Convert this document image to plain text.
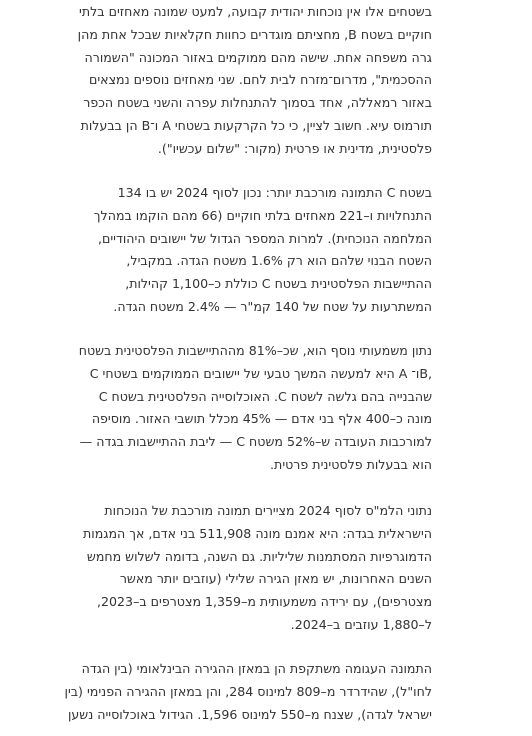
בשטחים אלו אין נוכחות יהודית קבועה, למעט שמונה מאחזים בלתי
חוקיים בשטח B, מחציתם מוגדרים כחוות חקלאיות שבכל אחת מהן
גרה משפחה אחת. שישה מהם ממוקמים באזור המכונה "השמורה
ההסכמית", מדרום־מזרח לבית לחם. שני מאחזים נוספים נמצאים
באזור רמאללה, אחד בסמוך להתנחלות עפרה והשני בשטח הכפר
תורמוס עיא. חשוב לציין, כי כל הקרקעות בשטחי A ו־B הן בבעלות
פלסטינית, מדינית או פרטית (מקור: "שלום עכשיו").
בשטח C התמונה מורכבת יותר: נכון לסוף 2024 יש בו 134
התנחלויות ו–221 מאחזים בלתי חוקיים (66 מהם הוקמו במהלך
המלחמה הנוכחית). למרות המספר הגדול של יישובים היהודיים,
השטח הבנוי שלהם הוא רק 1.6% משטח הגדה. במקביל,
ההתיישבות הפלסטינית בשטח C כוללת כ–1,100 קהילות,
המשתרעות על שטח של 140 קמ"ר — 2.4% משטח הגדה.
נתון משמעותי נוסף הוא, שכ–81% מההתיישבות הפלסטינית בשטח
C היא למעשה המשך טבעי של יישובים הממוקמים בשטחי A ו־B,
שהבנייה בהם גלשה לשטח C. האוכלוסייה הפלסטינית בשטח C
מונה כ–400 אלף בני אדם — 45% מכלל תושבי האזור. מוסיפה
למורכבות העובדה ש–52% משטח C — ליבת ההתיישבות בגדה —
הוא בבעלות פלסטינית פרטית.
נתוני הלמ"ס לסוף 2024 מציירים תמונה מורכבת של הנוכחות
הישראלית בגדה: היא אמנם מונה 511,908 בני אדם, אך המגמות
הדמוגרפיות המסתמנות שליליות. גם השנה, בדומה לשלוש מחמש
השנים האחרונות, יש מאזן הגירה שלילי (עוזבים יותר מאשר
מצטרפים), עם ירידה משמעותית מ–1,359 מצטרפים ב–2023,
ל–1,880 עוזבים ב–2024.
התמונה העגומה משתקפת הן במאזן ההגירה הבינלאומי (בין הגדה
לחו"ל), שהידרדר מ–809 למינוס 284, והן במאזן ההגירה הפנימי (בין
ישראל לגדה), שצנח מ–550 למינוס 1,596. הגידול באוכלוסייה נשען
